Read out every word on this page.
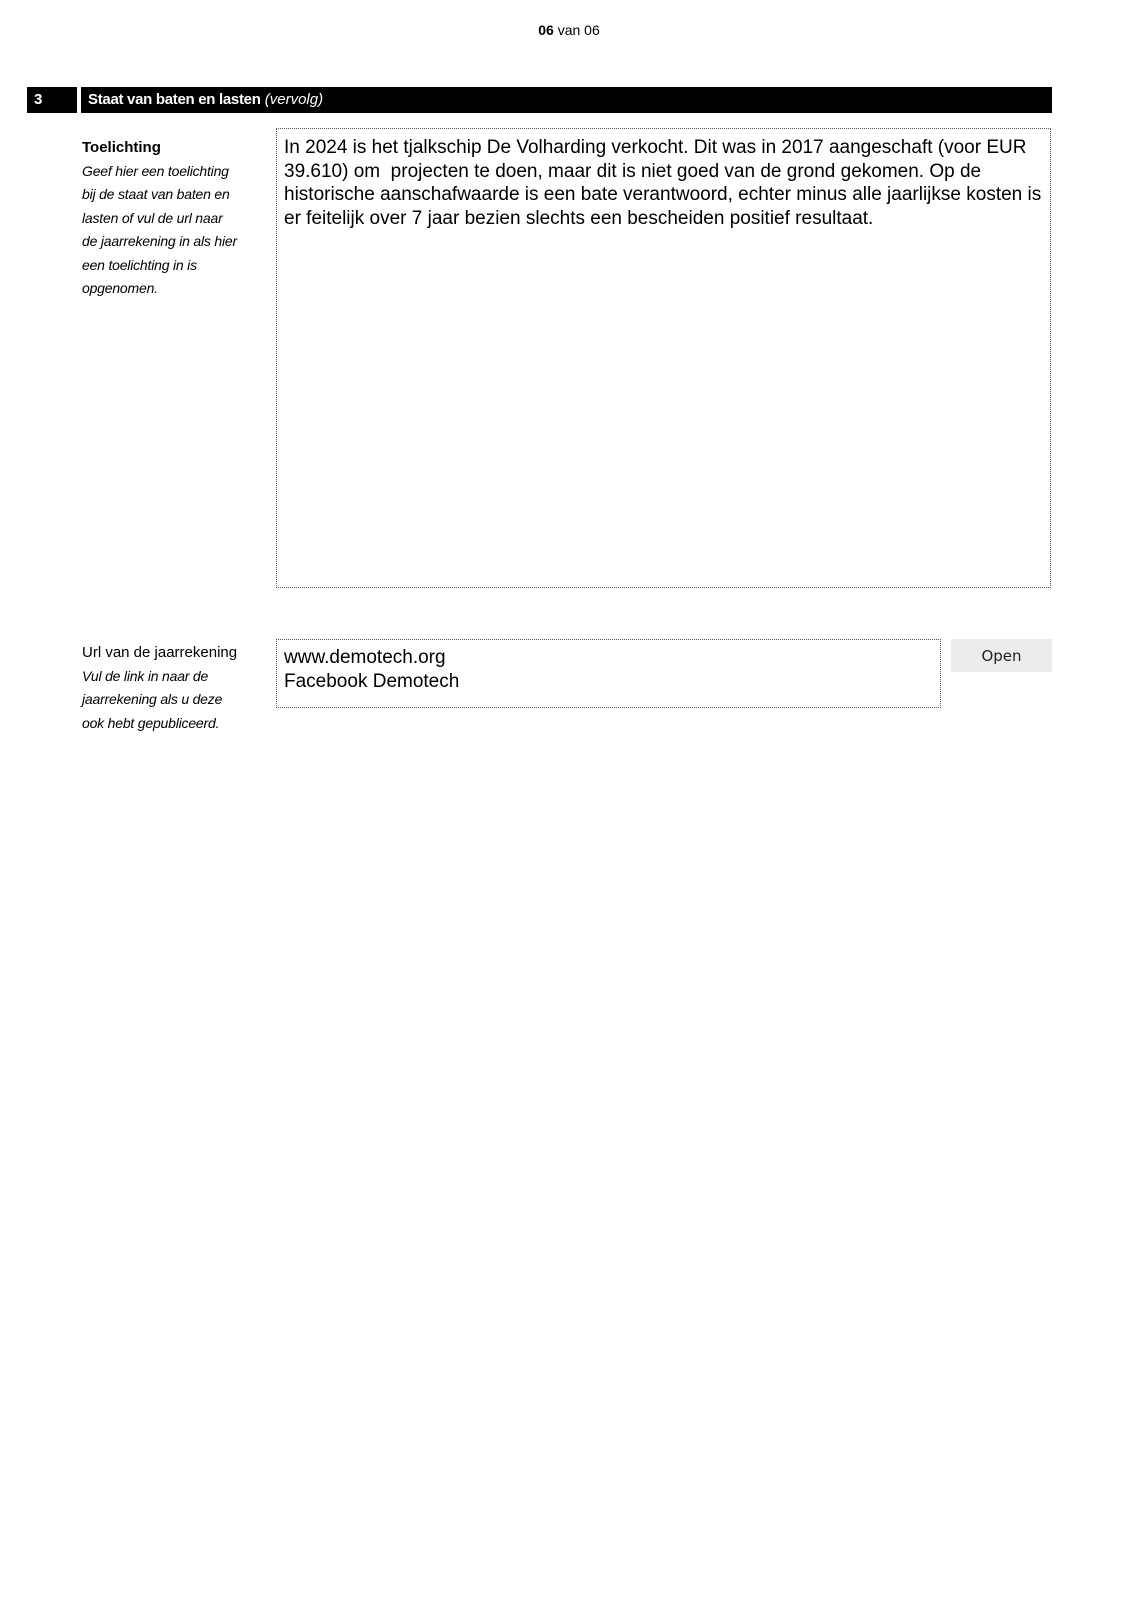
06 van 06
3	Staat van baten en lasten (vervolg)
Toelichting
Geef hier een toelichting
bij de staat van baten en
lasten of vul de url naar
de jaarrekening in als hier
een toelichting in is
opgenomen.
In 2024 is het tjalkschip De Volharding verkocht. Dit was in 2017 aangeschaft (voor EUR 39.610) om  projecten te doen, maar dit is niet goed van de grond gekomen. Op de historische aanschafwaarde is een bate verantwoord, echter minus alle jaarlijkse kosten is er feitelijk over 7 jaar bezien slechts een bescheiden positief resultaat.
Url van de jaarrekening
Vul de link in naar de
jaarrekening als u deze
ook hebt gepubliceerd.
www.demotech.org
Facebook Demotech
Open
